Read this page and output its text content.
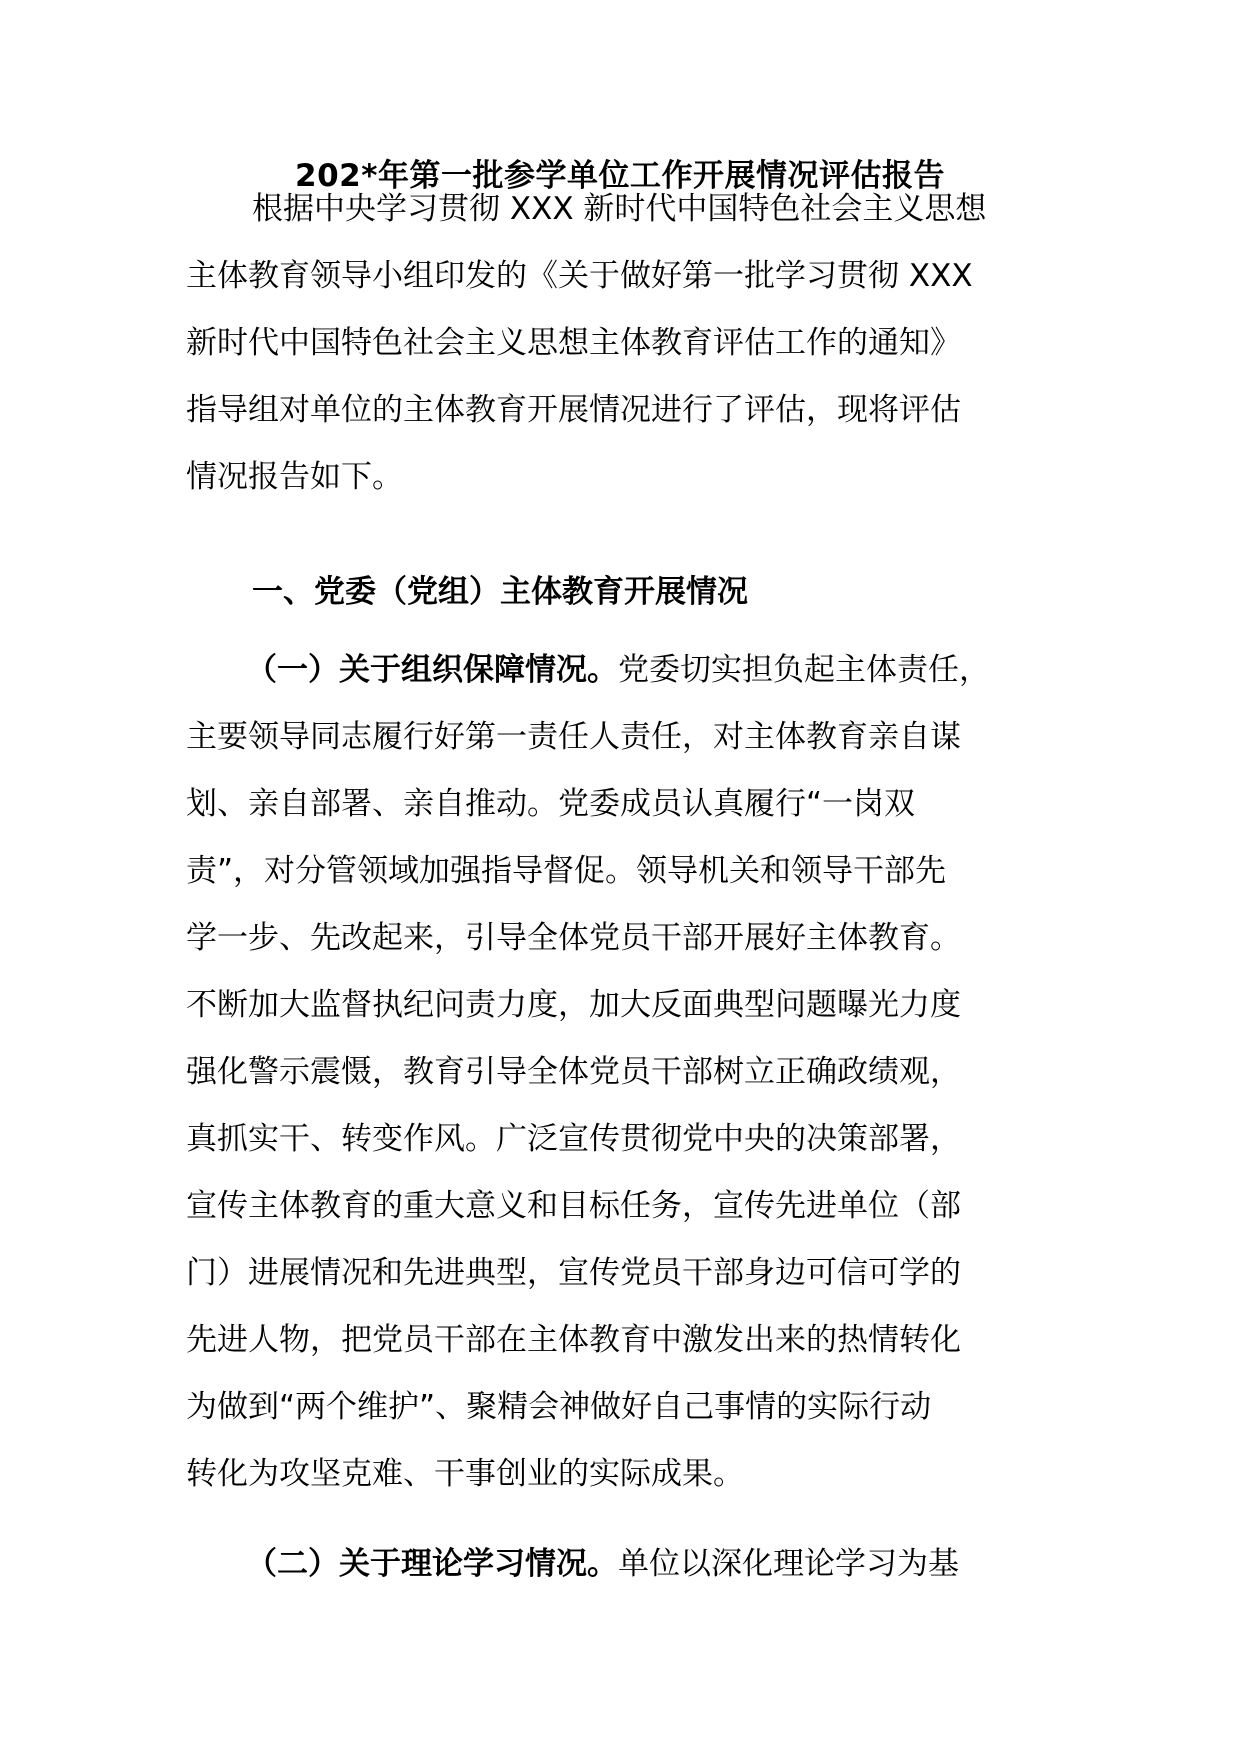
202*年第一批参学单位工作开展情况评估报告
根据中央学习贯彻 XXX 新时代中国特色社会主义思想
主体教育领导小组印发的《关于做好第一批学习贯彻 XXX
新时代中国特色社会主义思想主体教育评估工作的通知》
指导组对单位的主体教育开展情况进行了评估，现将评估
情况报告如下。
一、党委（党组）主体教育开展情况
（一）关于组织保障情况。党委切实担负起主体责任，
主要领导同志履行好第一责任人责任，对主体教育亲自谋
划、亲自部署、亲自推动。党委成员认真履行“一岗双
责”，对分管领域加强指导督促。领导机关和领导干部先
学一步、先改起来，引导全体党员干部开展好主体教育。
不断加大监督执纪问责力度，加大反面典型问题曝光力度
强化警示震慑，教育引导全体党员干部树立正确政绩观，
真抓实干、转变作风。广泛宣传贯彻党中央的决策部署，
宣传主体教育的重大意义和目标任务，宣传先进单位（部
门）进展情况和先进典型，宣传党员干部身边可信可学的
先进人物，把党员干部在主体教育中激发出来的热情转化
为做到“两个维护”、聚精会神做好自己事情的实际行动
转化为攻坚克难、干事创业的实际成果。
（二）关于理论学习情况。单位以深化理论学习为基
